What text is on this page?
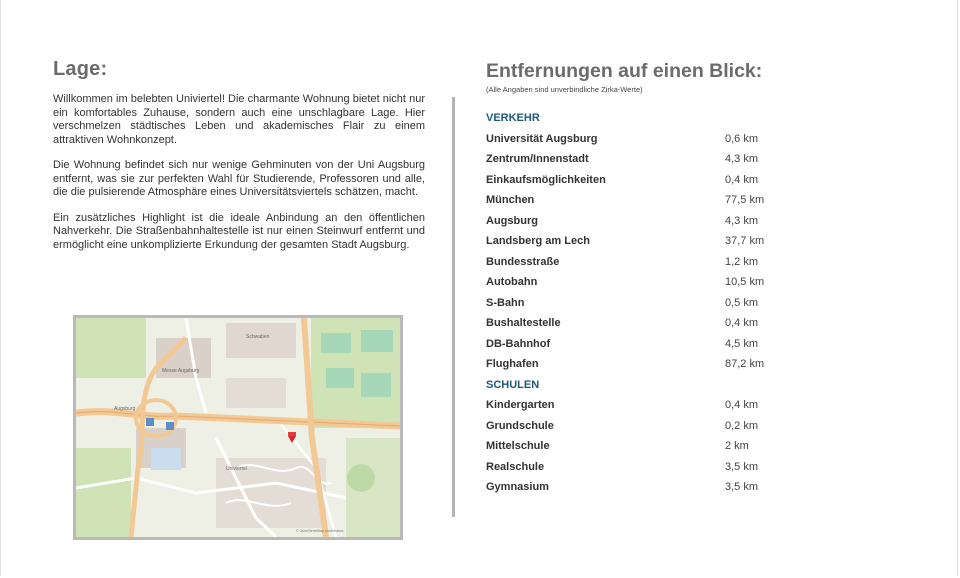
Lage:

Willkommen im belebten Univiertel! Die charmante Wohnung bietet nicht nur ein komfortables Zuhause, sondern auch eine unschlagbare Lage. Hier verschmelzen städtisches Leben und akademisches Flair zu einem attraktiven Wohnkonzept.

Die Wohnung befindet sich nur wenige Gehminuten von der Uni Augsburg entfernt, was sie zur perfekten Wahl für Studierende, Professoren und alle, die die pulsierende Atmosphäre eines Universitätsviertels schätzen, macht.

Ein zusätzliches Highlight ist die ideale Anbindung an den öffentlichen Nahverkehr. Die Straßenbahnhaltestelle ist nur einen Steinwurf entfernt und ermöglicht eine unkomplizierte Erkundung der gesamten Stadt Augsburg.

Messe Augsburg
Augsburg
Schwaben
Univiertel
© OpenStreetMap contributors
Entfernungen auf einen Blick:
(Alle Angaben sind unverbindliche Zirka-Werte)
VERKEHR
Universität Augsburg	0,6 km
Zentrum/Innenstadt	4,3 km
Einkaufsmöglichkeiten	0,4 km
München	77,5 km
Augsburg	4,3 km
Landsberg am Lech	37,7 km
Bundesstraße	1,2 km
Autobahn	10,5 km
S-Bahn	0,5 km
Bushaltestelle	0,4 km
DB-Bahnhof	4,5 km
Flughafen	87,2 km
SCHULEN
Kindergarten	0,4 km
Grundschule	0,2 km
Mittelschule	2 km
Realschule	3,5 km
Gymnasium	3,5 km
